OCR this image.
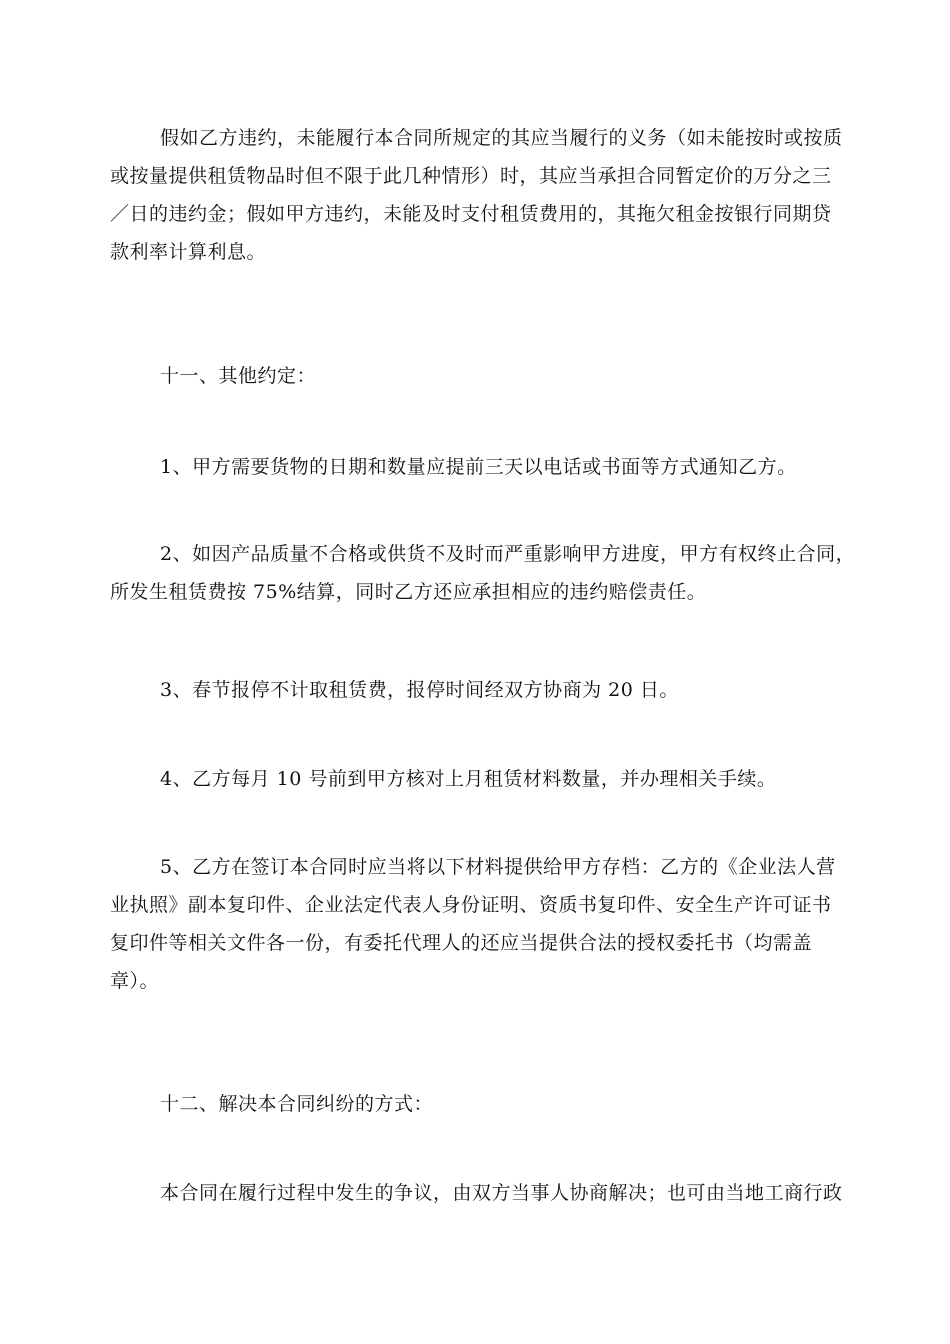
假如乙方违约，未能履行本合同所规定的其应当履行的义务（如未能按时或按质
或按量提供租赁物品时但不限于此几种情形）时，其应当承担合同暂定价的万分之三
／日的违约金；假如甲方违约，未能及时支付租赁费用的，其拖欠租金按银行同期贷
款利率计算利息。
十一、其他约定：
1、甲方需要货物的日期和数量应提前三天以电话或书面等方式通知乙方。
2、如因产品质量不合格或供货不及时而严重影响甲方进度，甲方有权终止合同，
所发生租赁费按 75%结算，同时乙方还应承担相应的违约赔偿责任。
3、春节报停不计取租赁费，报停时间经双方协商为 20 日。
4、乙方每月 10 号前到甲方核对上月租赁材料数量，并办理相关手续。
5、乙方在签订本合同时应当将以下材料提供给甲方存档：乙方的《企业法人营
业执照》副本复印件、企业法定代表人身份证明、资质书复印件、安全生产许可证书
复印件等相关文件各一份，有委托代理人的还应当提供合法的授权委托书（均需盖
章）。
十二、解决本合同纠纷的方式：
本合同在履行过程中发生的争议，由双方当事人协商解决；也可由当地工商行政
